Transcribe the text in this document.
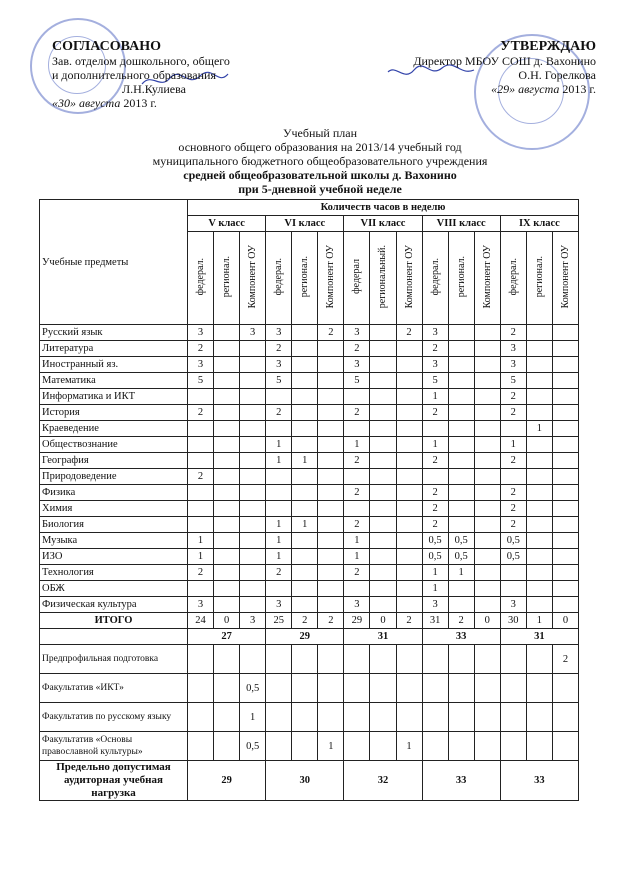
СОГЛАСОВАНО
Зав. отделом дошкольного, общего
и дополнительного образования
Л.Н.Кулиева
«30» августа 2013 г.
УТВЕРЖДАЮ
Директор МБОУ СОШ д. Вахонино
О.Н. Горелкова
«29» августа 2013 г.
Учебный план
основного общего образования на 2013/14 учебный год
муниципального бюджетного общеобразовательного учреждения
средней общеобразовательной школы д. Вахонино
при 5-дневной учебной неделе
Учебные предметы	Количеств часов в неделю														
	V класс			VI класс			VII класс			VIII класс			IX класс		
	федерал.	регионал.	Компонент ОУ	федерал.	регионал.	Компонент ОУ	федерал	региональный.	Компонент ОУ	федерал.	регионал.	Компонент ОУ	федерал.	регионал.	Компонент ОУ
Русский язык	3		3	3		2	3		2	3			2		
Литература	2			2			2			2			3		
Иностранный яз.	3			3			3			3			3		
Математика	5			5			5			5			5		
Информатика и ИКТ										1			2		
История	2			2			2			2			2		
Краеведение														1	
Обществознание				1			1			1			1		
География				1	1		2			2			2		
Природоведение	2														
Физика							2			2			2		
Химия										2			2		
Биология				1	1		2			2			2		
Музыка	1			1			1			0,5	0,5		0,5		
ИЗО	1			1			1			0,5	0,5		0,5		
Технология	2			2			2			1	1				
ОБЖ										1					
Физическая культура	3			3			3			3			3		
ИТОГО	24	0	3	25	2	2	29	0	2	31	2	0	30	1	0
	27			29			31			33			31		
Предпрофильная подготовка															2
Факультатив «ИКТ»			0,5												
Факультатив по русскому языку			1												
Факультатив «Основы православной культуры»			0,5			1			1						
Предельно допустимая аудиторная учебная нагрузка	29			30			32			33			33		
